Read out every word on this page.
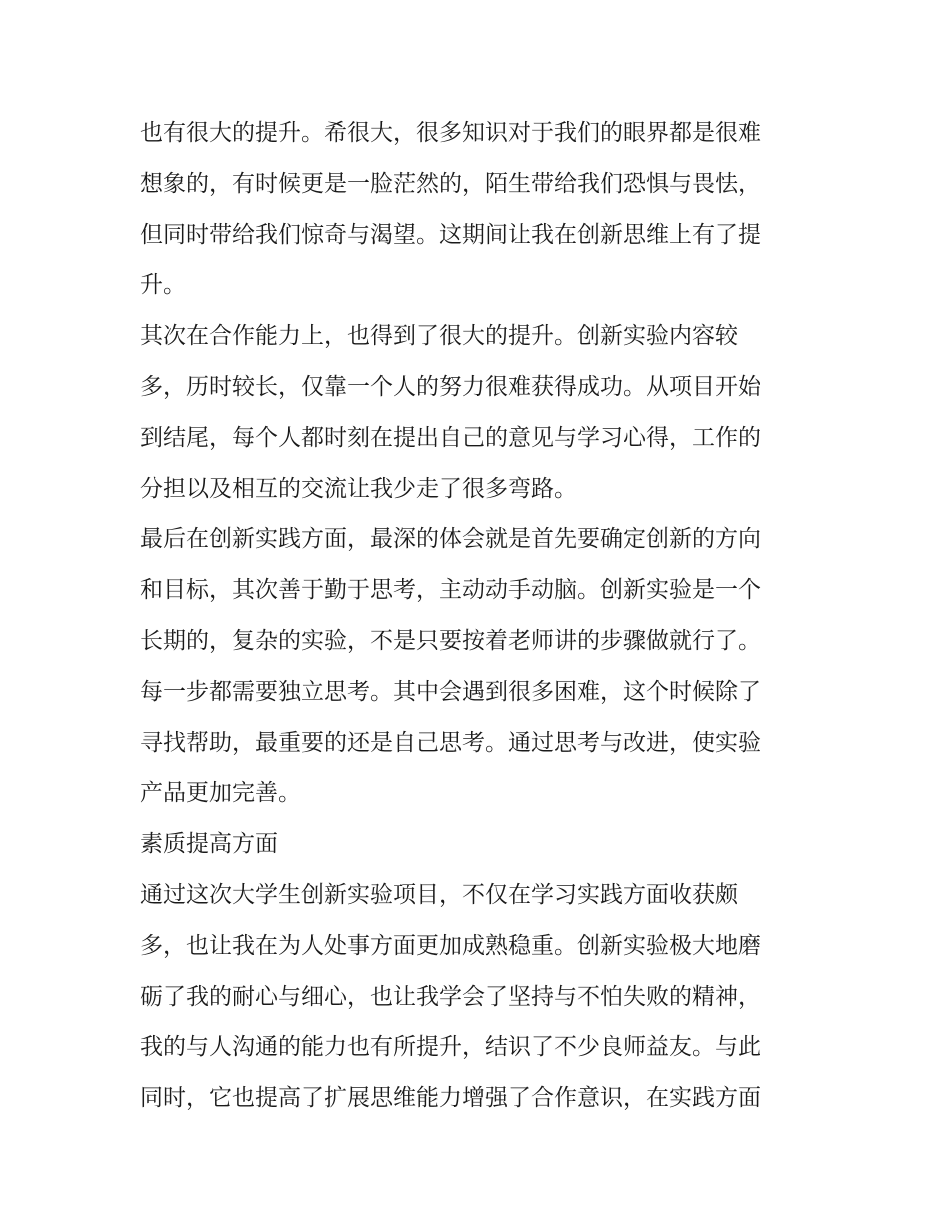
也有很大的提升。希很大，很多知识对于我们的眼界都是很难
想象的，有时候更是一脸茫然的，陌生带给我们恐惧与畏怯，
但同时带给我们惊奇与渴望。这期间让我在创新思维上有了提
升。
其次在合作能力上，也得到了很大的提升。创新实验内容较
多，历时较长，仅靠一个人的努力很难获得成功。从项目开始
到结尾，每个人都时刻在提出自己的意见与学习心得，工作的
分担以及相互的交流让我少走了很多弯路。
最后在创新实践方面，最深的体会就是首先要确定创新的方向
和目标，其次善于勤于思考，主动动手动脑。创新实验是一个
长期的，复杂的实验，不是只要按着老师讲的步骤做就行了。
每一步都需要独立思考。其中会遇到很多困难，这个时候除了
寻找帮助，最重要的还是自己思考。通过思考与改进，使实验
产品更加完善。
素质提高方面
通过这次大学生创新实验项目，不仅在学习实践方面收获颇
多，也让我在为人处事方面更加成熟稳重。创新实验极大地磨
砺了我的耐心与细心，也让我学会了坚持与不怕失败的精神，
我的与人沟通的能力也有所提升，结识了不少良师益友。与此
同时，它也提高了扩展思维能力增强了合作意识，在实践方面
